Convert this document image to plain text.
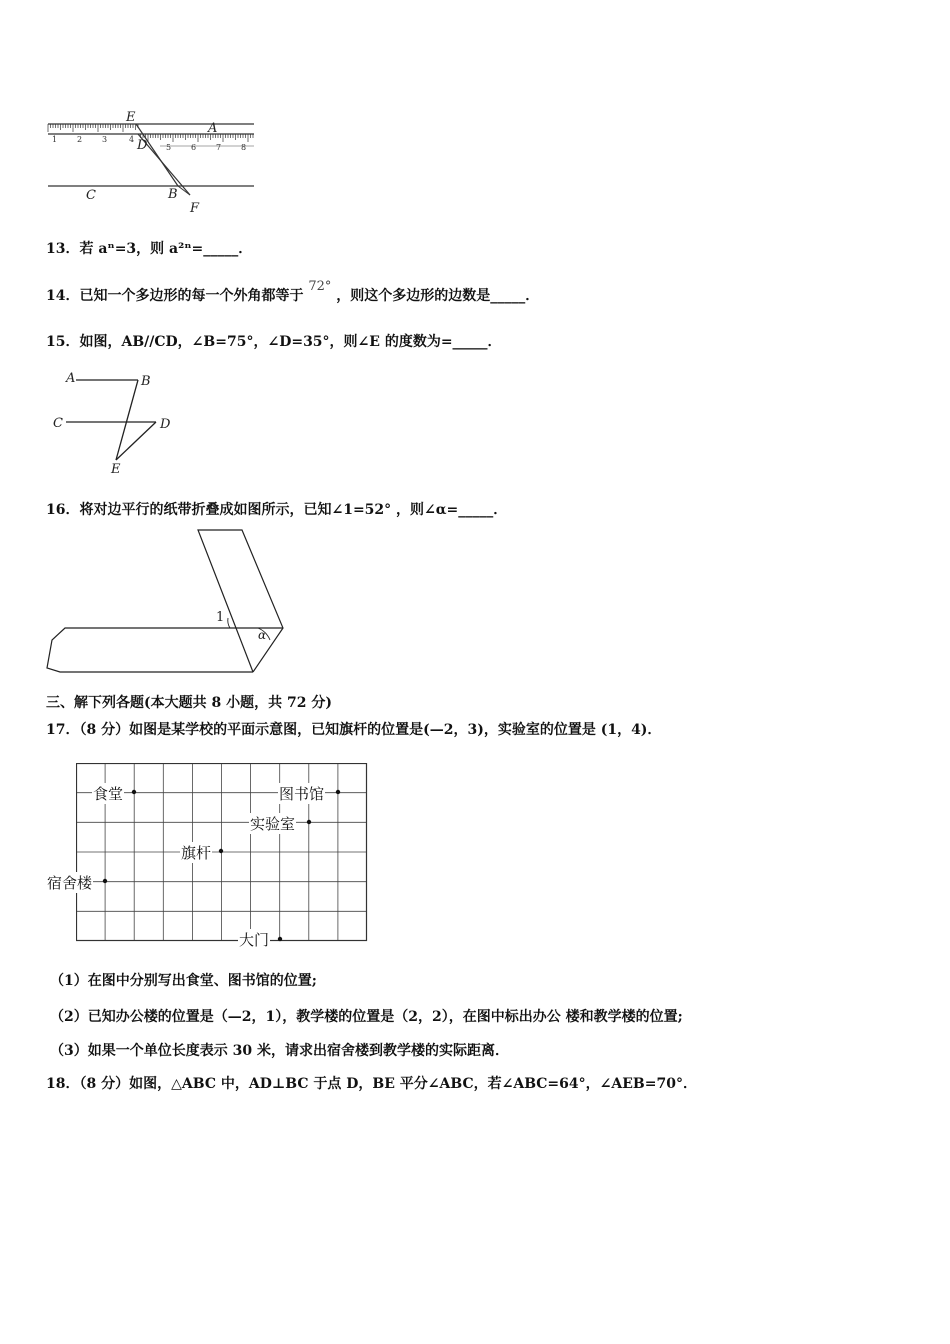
1 2 3	4
5 6 7 8
E
A
D
C	B
F
13．若 aⁿ=3，则 a²ⁿ=_____．
14．已知一个多边形的每一个外角都等于 72° ，则这个多边形的边数是_____．
15．如图，AB//CD，∠B=75°，∠D=35°，则∠E 的度数为=_____．
A	B
C	D
E
16．将对边平行的纸带折叠成如图所示，已知∠1=52° ，则∠α=_____．
1
α
三、解下列各题(本大题共 8 小题，共 72 分)
17．（8 分）如图是某学校的平面示意图，已知旗杆的位置是(—2，3)，实验室的位置是 (1，4)．
食堂	图书馆
实验室
旗杆
宿舍楼
大门
（1）在图中分别写出食堂、图书馆的位置;
（2）已知办公楼的位置是（—2，1），教学楼的位置是（2，2），在图中标出办公 楼和教学楼的位置;
（3）如果一个单位长度表示 30 米，请求出宿舍楼到教学楼的实际距离．
18．（8 分）如图，△ABC 中，AD⊥BC 于点 D，BE 平分∠ABC，若∠ABC=64°，∠AEB=70°．
